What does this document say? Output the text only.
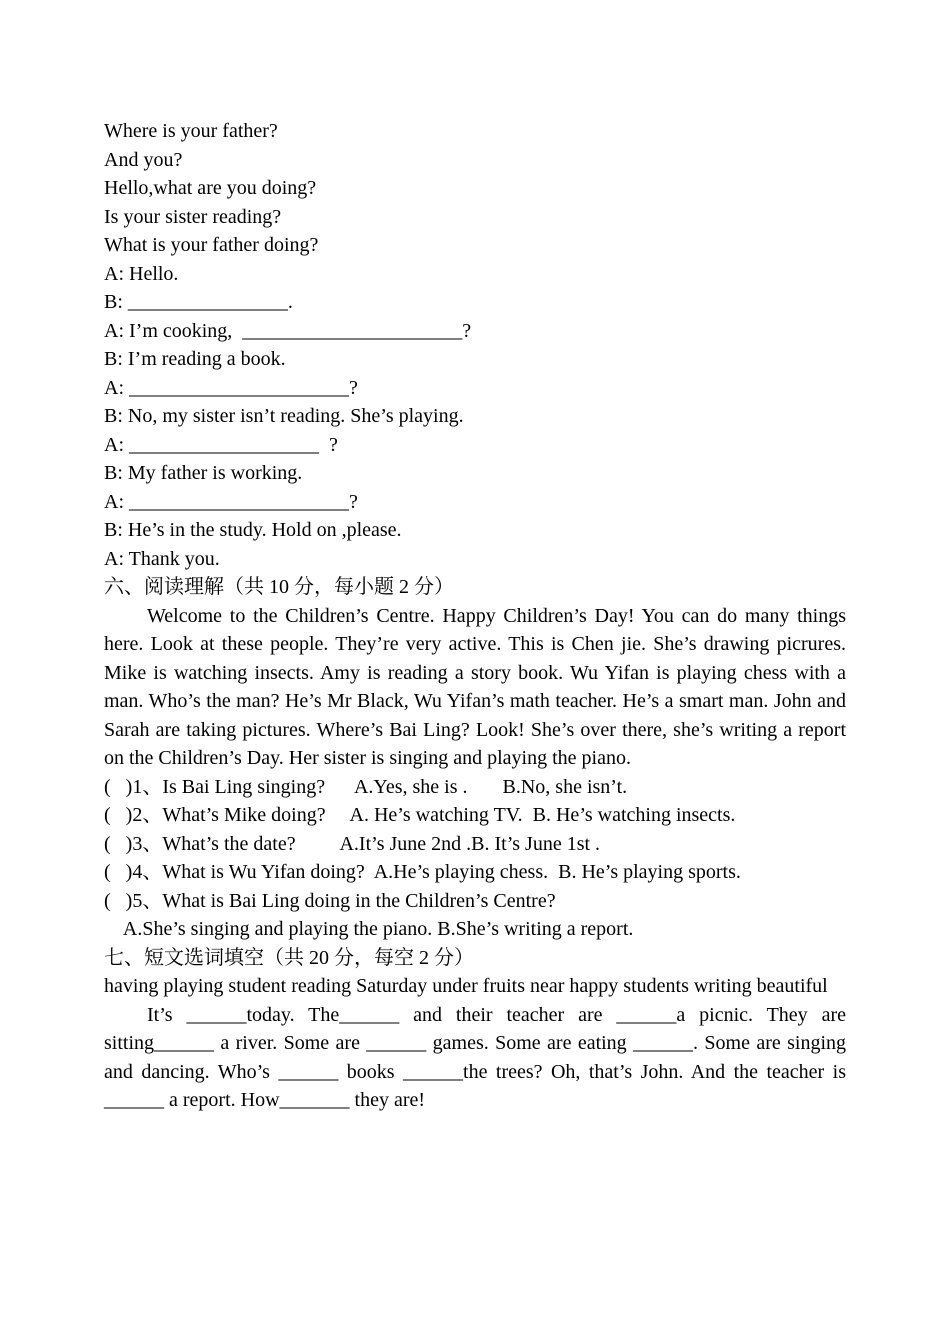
Where is your father?
And you?
Hello,what are you doing?
Is your sister reading?
What is your father doing?
A: Hello.
B: ________________.
A: I’m cooking,  ______________________?
B: I’m reading a book.
A: ______________________?
B: No, my sister isn’t reading. She’s playing.
A: ___________________  ?
B: My father is working.
A: ______________________?
B: He’s in the study. Hold on ,please.
A: Thank you.
六、阅读理解（共 10 分，每小题 2 分）
Welcome to the Children’s Centre. Happy Children’s Day! You can do many things here. Look at these people. They’re very active. This is Chen jie. She’s drawing picrures. Mike is watching insects. Amy is reading a story book. Wu Yifan is playing chess with a man. Who’s the man? He’s Mr Black, Wu Yifan’s math teacher. He’s a smart man. John and Sarah are taking pictures. Where’s Bai Ling? Look! She’s over there, she’s writing a report on the Children’s Day. Her sister is singing and playing the piano.
(   )1、Is Bai Ling singing?      A.Yes, she is .       B.No, she isn’t.
(   )2、What’s Mike doing?     A. He’s watching TV.  B. He’s watching insects.
(   )3、What’s the date?         A.It’s June 2nd .B. It’s June 1st .
(   )4、What is Wu Yifan doing?  A.He’s playing chess.  B. He’s playing sports.
(   )5、What is Bai Ling doing in the Children’s Centre?
A.She’s singing and playing the piano. B.She’s writing a report.
七、短文选词填空（共 20 分，每空 2 分）
having playing student reading Saturday under fruits near happy students writing beautiful
It’s ______today. The______ and their teacher are ______a picnic. They are sitting______ a river. Some are ______ games. Some are eating ______. Some are singing and dancing. Who’s ______ books ______the trees? Oh, that’s John. And the teacher is ______ a report. How_______ they are!
